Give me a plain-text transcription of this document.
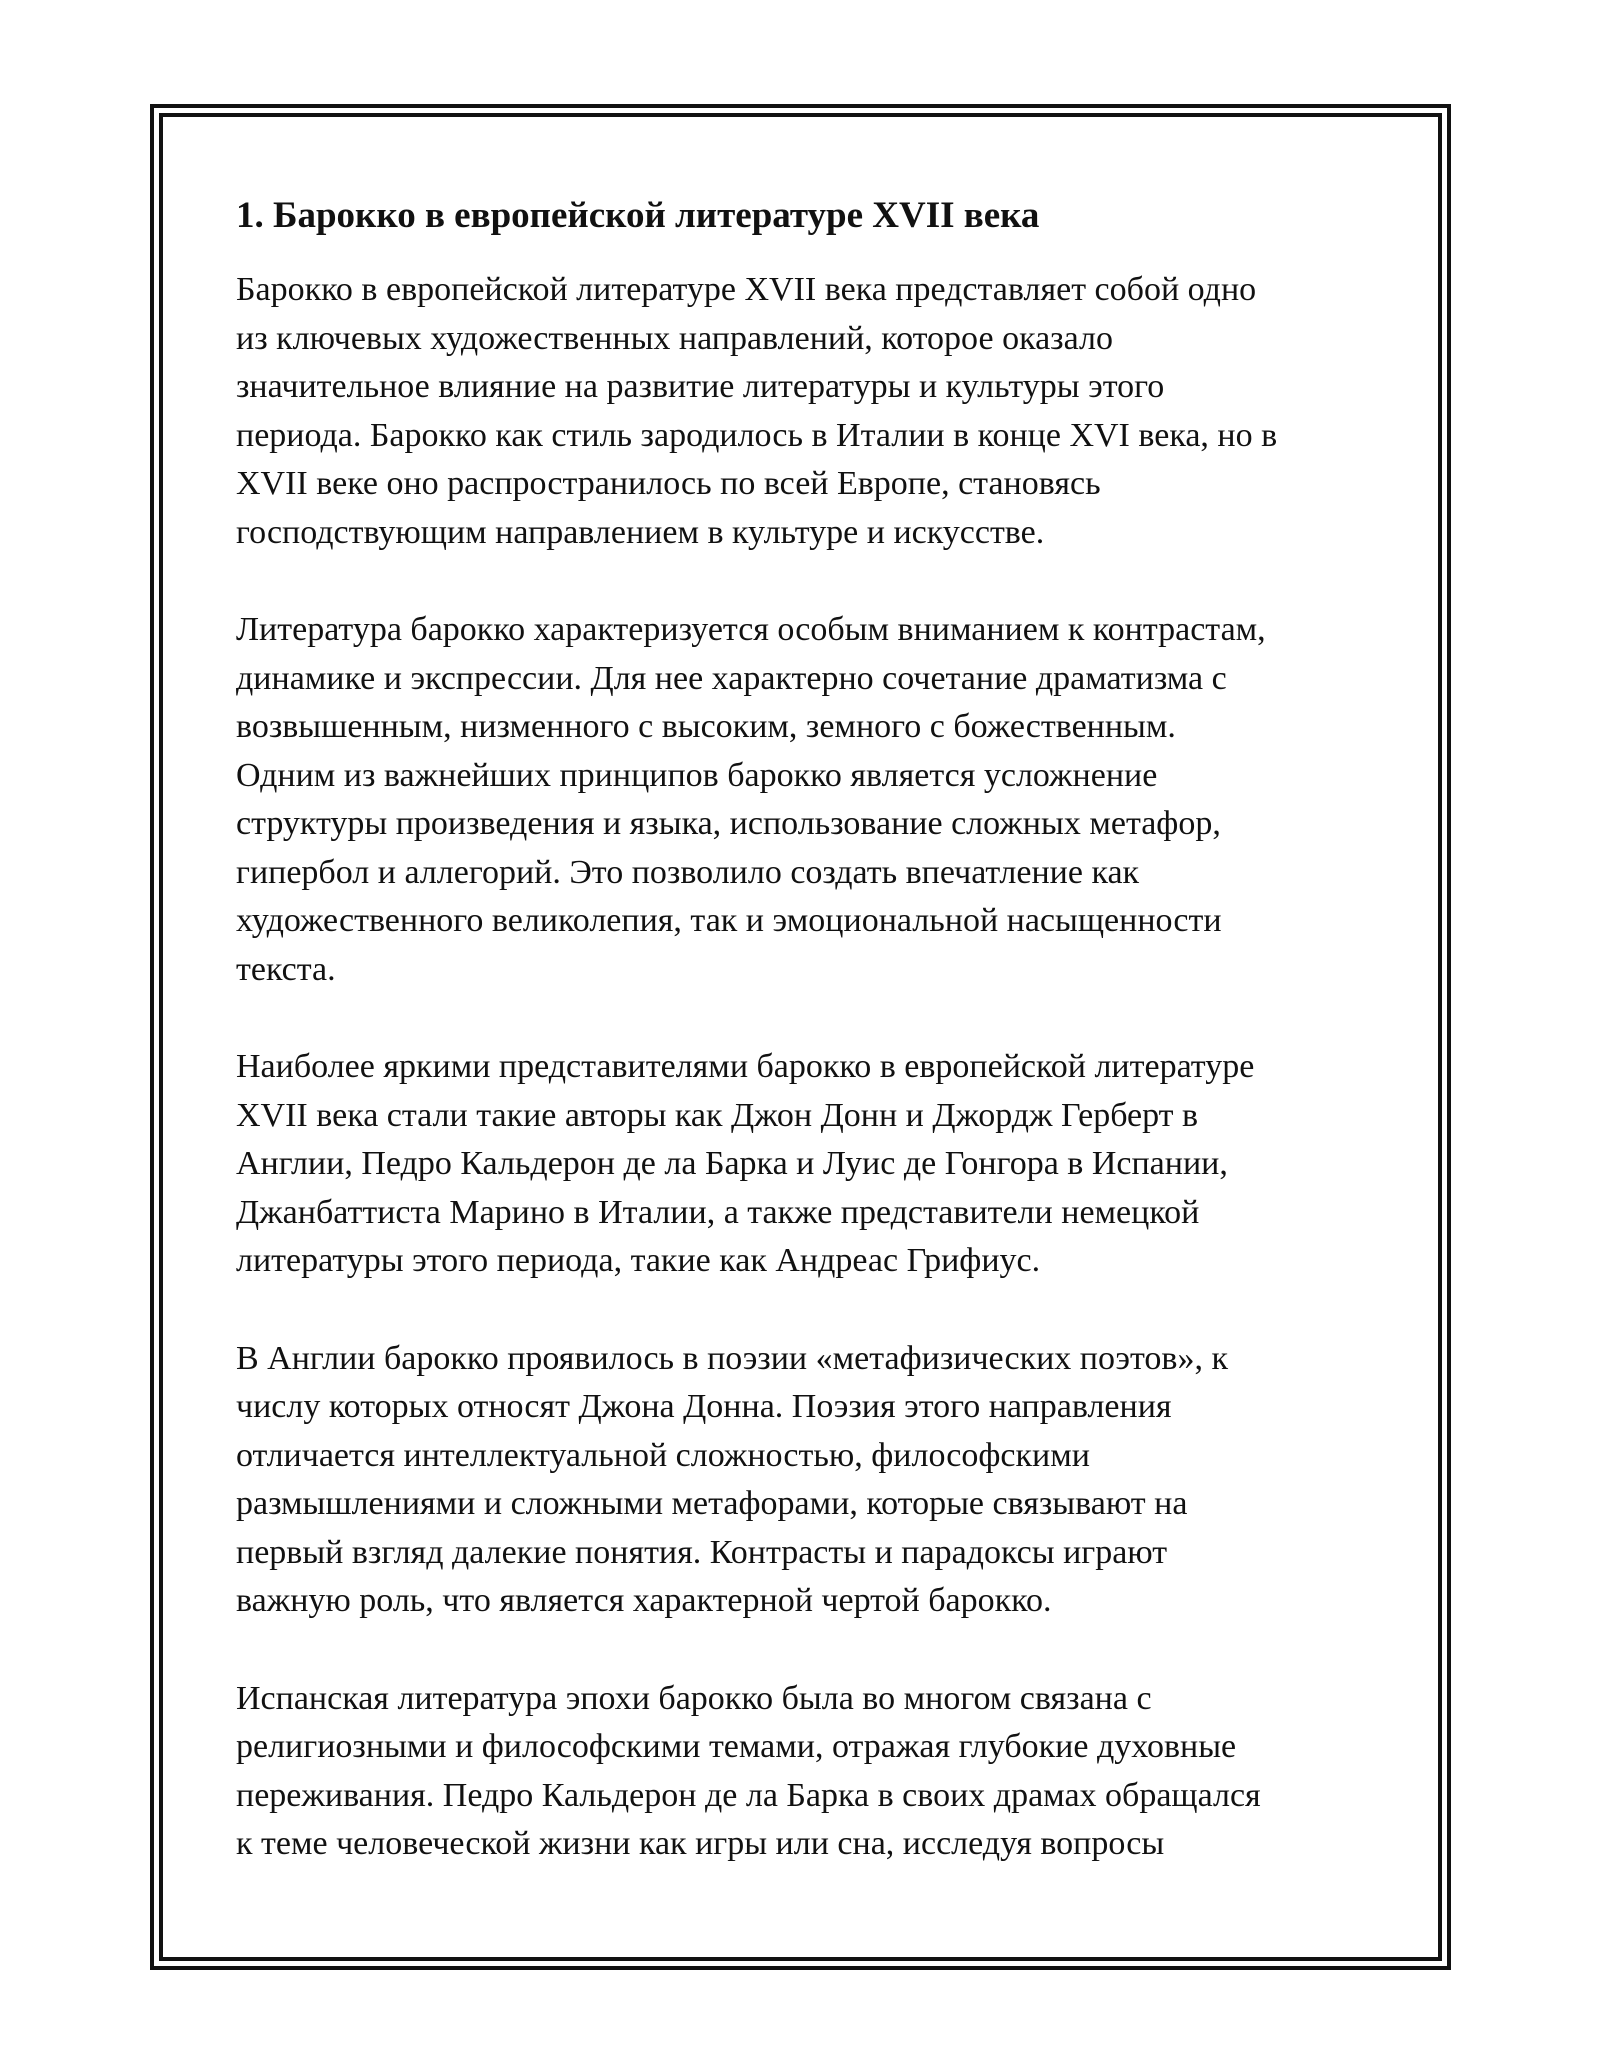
1. Барокко в европейской литературе XVII века

Барокко в европейской литературе XVII века представляет собой одно
из ключевых художественных направлений, которое оказало
значительное влияние на развитие литературы и культуры этого
периода. Барокко как стиль зародилось в Италии в конце XVI века, но в
XVII веке оно распространилось по всей Европе, становясь
господствующим направлением в культуре и искусстве.

Литература барокко характеризуется особым вниманием к контрастам,
динамике и экспрессии. Для нее характерно сочетание драматизма с
возвышенным, низменного с высоким, земного с божественным.
Одним из важнейших принципов барокко является усложнение
структуры произведения и языка, использование сложных метафор,
гипербол и аллегорий. Это позволило создать впечатление как
художественного великолепия, так и эмоциональной насыщенности
текста.

Наиболее яркими представителями барокко в европейской литературе
XVII века стали такие авторы как Джон Донн и Джордж Герберт в
Англии, Педро Кальдерон де ла Барка и Луис де Гонгора в Испании,
Джанбаттиста Марино в Италии, а также представители немецкой
литературы этого периода, такие как Андреас Грифиус.

В Англии барокко проявилось в поэзии «метафизических поэтов», к
числу которых относят Джона Донна. Поэзия этого направления
отличается интеллектуальной сложностью, философскими
размышлениями и сложными метафорами, которые связывают на
первый взгляд далекие понятия. Контрасты и парадоксы играют
важную роль, что является характерной чертой барокко.

Испанская литература эпохи барокко была во многом связана с
религиозными и философскими темами, отражая глубокие духовные
переживания. Педро Кальдерон де ла Барка в своих драмах обращался
к теме человеческой жизни как игры или сна, исследуя вопросы
